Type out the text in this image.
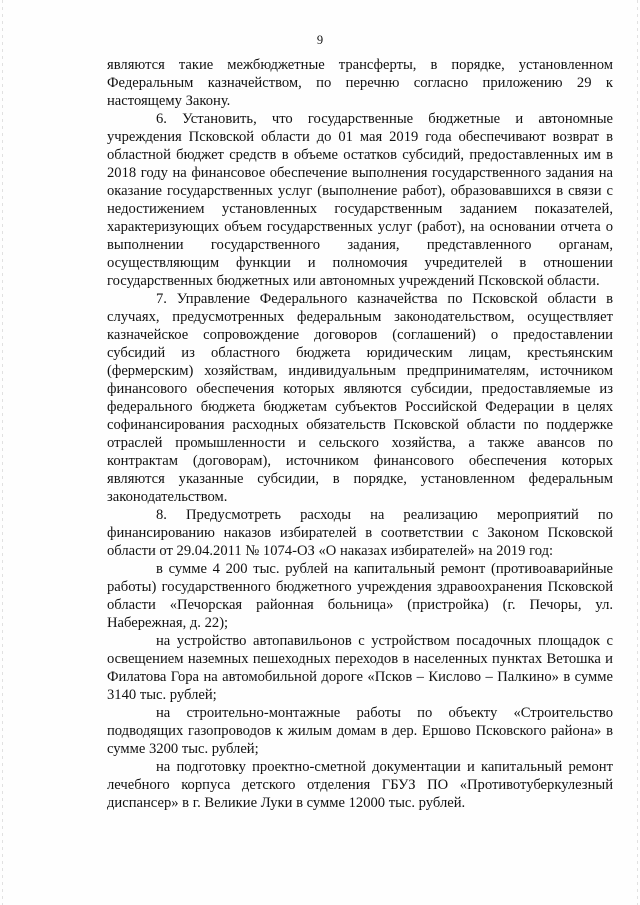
9

являются такие межбюджетные трансферты, в порядке, установленном Федеральным казначейством, по перечню согласно приложению 29 к настоящему Закону.

6. Установить, что государственные бюджетные и автономные учреждения Псковской области до 01 мая 2019 года обеспечивают возврат в областной бюджет средств в объеме остатков субсидий, предоставленных им в 2018 году на финансовое обеспечение выполнения государственного задания на оказание государственных услуг (выполнение работ), образовавшихся в связи с недостижением установленных государственным заданием показателей, характеризующих объем государственных услуг (работ), на основании отчета о выполнении государственного задания, представленного органам, осуществляющим функции и полномочия учредителей в отношении государственных бюджетных или автономных учреждений Псковской области.

7. Управление Федерального казначейства по Псковской области в случаях, предусмотренных федеральным законодательством, осуществляет казначейское сопровождение договоров (соглашений) о предоставлении субсидий из областного бюджета юридическим лицам, крестьянским (фермерским) хозяйствам, индивидуальным предпринимателям, источником финансового обеспечения которых являются субсидии, предоставляемые из федерального бюджета бюджетам субъектов Российской Федерации в целях софинансирования расходных обязательств Псковской области по поддержке отраслей промышленности и сельского хозяйства, а также авансов по контрактам (договорам), источником финансового обеспечения которых являются указанные субсидии, в порядке, установленном федеральным законодательством.

8. Предусмотреть расходы на реализацию мероприятий по финансированию наказов избирателей в соответствии с Законом Псковской области от 29.04.2011 № 1074-ОЗ «О наказах избирателей» на 2019 год:

в сумме 4 200 тыс. рублей на капитальный ремонт (противоаварийные работы) государственного бюджетного учреждения здравоохранения Псковской области «Печорская районная больница» (пристройка) (г. Печоры, ул. Набережная, д. 22);

на устройство автопавильонов с устройством посадочных площадок с освещением наземных пешеходных переходов в населенных пунктах Ветошка и Филатова Гора на автомобильной дороге «Псков – Кислово – Палкино» в сумме 3140 тыс. рублей;

на строительно-монтажные работы по объекту «Строительство подводящих газопроводов к жилым домам в дер. Ершово Псковского района» в сумме 3200 тыс. рублей;

на подготовку проектно-сметной документации и капитальный ремонт лечебного корпуса детского отделения ГБУЗ ПО «Противотуберкулезный диспансер» в г. Великие Луки в сумме 12000 тыс. рублей.
